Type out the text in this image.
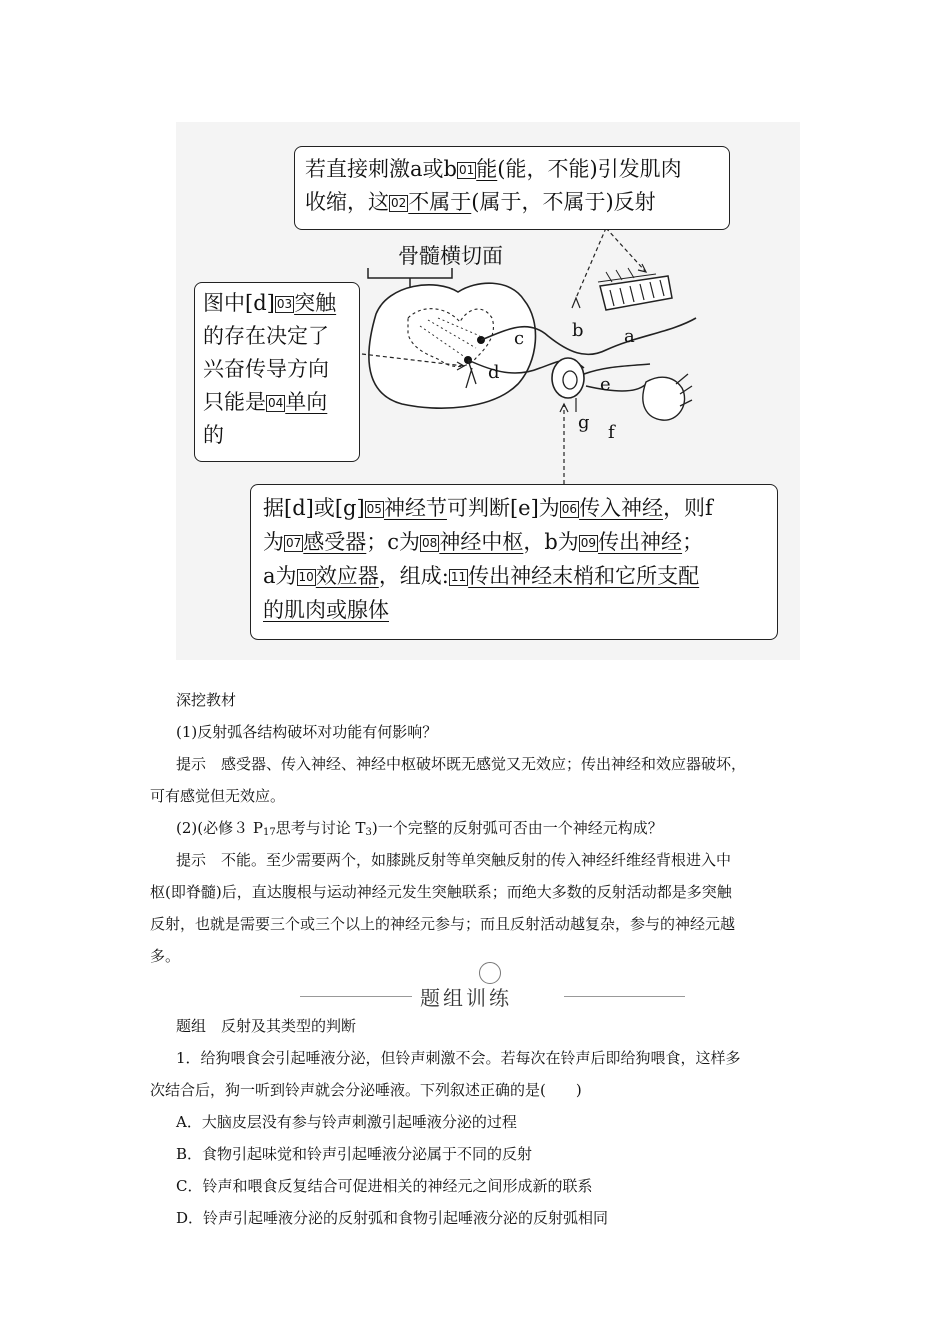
骨髓横切面
a
b
c
d
e
f
g
若直接刺激a或b 01能(能，不能)引发肌肉
收缩，这 02不属于(属于，不属于)反射
图中[d] 03突触
的存在决定了
兴奋传导方向
只能是 04单向
的
据[d]或[g] 05神经节可判断[e]为 06传入神经，则f
为 07感受器；c为 08神经中枢，b为 09传出神经；
a为 10效应器，组成: 11传出神经末梢和它所支配
的肌肉或腺体
深挖教材
(1)反射弧各结构破坏对功能有何影响？
提示　感受器、传入神经、神经中枢破坏既无感觉又无效应；传出神经和效应器破坏，
可有感觉但无效应。
(2)(必修３ $P_{17}$思考与讨论 $T_3$)一个完整的反射弧可否由一个神经元构成？
提示　不能。至少需要两个，如膝跳反射等单突触反射的传入神经纤维经背根进入中
枢(即脊髓)后，直达腹根与运动神经元发生突触联系；而绝大多数的反射活动都是多突触
反射，也就是需要三个或三个以上的神经元参与；而且反射活动越复杂，参与的神经元越
多。
题组训练
题组　反射及其类型的判断
1．给狗喂食会引起唾液分泌，但铃声刺激不会。若每次在铃声后即给狗喂食，这样多
次结合后，狗一听到铃声就会分泌唾液。下列叙述正确的是(　　)
A．大脑皮层没有参与铃声刺激引起唾液分泌的过程
B．食物引起味觉和铃声引起唾液分泌属于不同的反射
C．铃声和喂食反复结合可促进相关的神经元之间形成新的联系
D．铃声引起唾液分泌的反射弧和食物引起唾液分泌的反射弧相同
